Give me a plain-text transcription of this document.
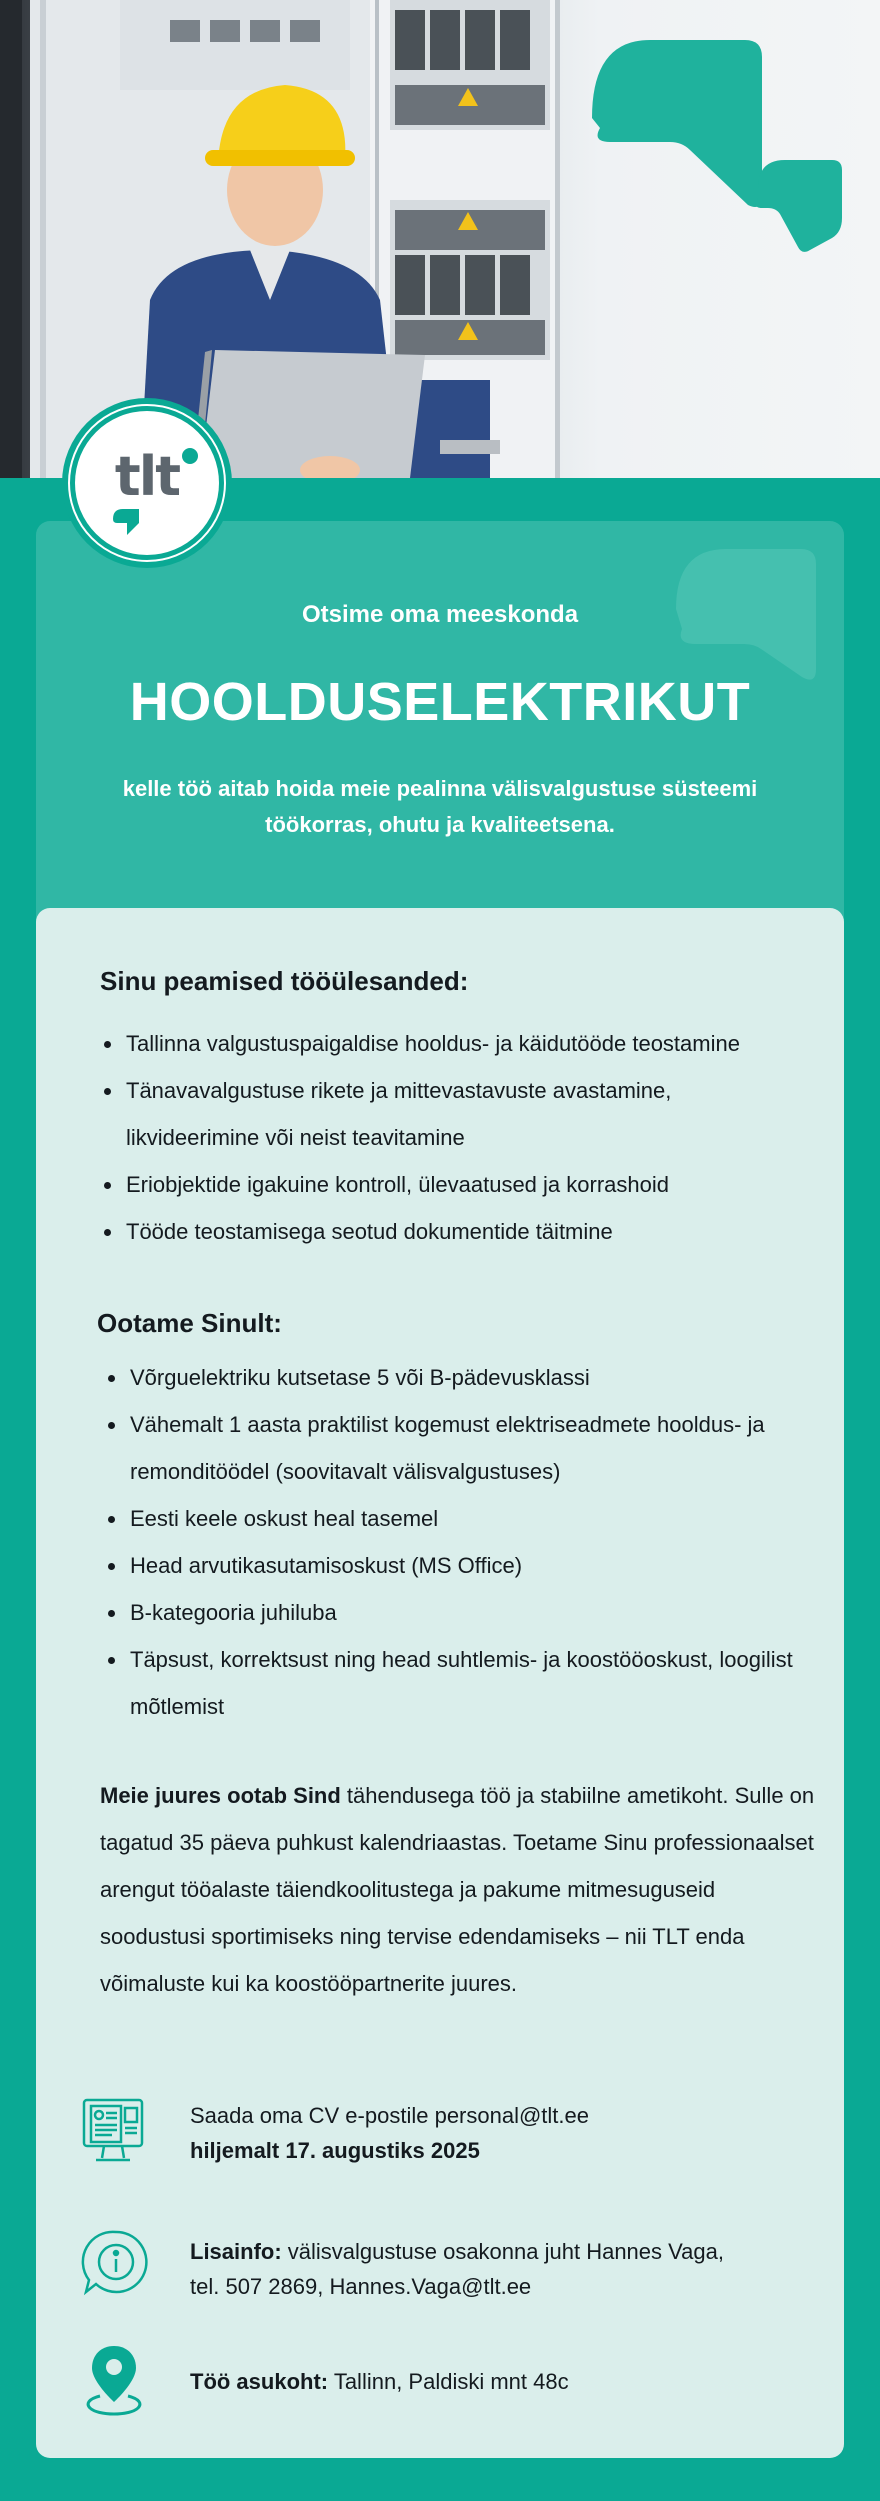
Otsime oma meeskonda
HOOLDUSELEKTRIKUT
kelle töö aitab hoida meie pealinna välisvalgustuse süsteemi
töökorras, ohutu ja kvaliteetsena.
tlt
Sinu peamised tööülesanded:
Tallinna valgustuspaigaldise hooldus- ja käidutööde teostamine
Tänavavalgustuse rikete ja mittevastavuste avastamine, likvideerimine või neist teavitamine
Eriobjektide igakuine kontroll, ülevaatused ja korrashoid
Tööde teostamisega seotud dokumentide täitmine
Ootame Sinult:
Võrguelektriku kutsetase 5 või B-pädevusklassi
Vähemalt 1 aasta praktilist kogemust elektriseadmete hooldus- ja remonditöödel (soovitavalt välisvalgustuses)
Eesti keele oskust heal tasemel
Head arvutikasutamisoskust (MS Office)
B-kategooria juhiluba
Täpsust, korrektsust ning head suhtlemis- ja koostööoskust, loogilist mõtlemist
Meie juures ootab Sind tähendusega töö ja stabiilne ametikoht. Sulle on tagatud 35 päeva puhkust kalendriaastas. Toetame Sinu professionaalset arengut tööalaste täiendkoolitustega ja pakume mitmesuguseid soodustusi sportimiseks ning tervise edendamiseks – nii TLT enda võimaluste kui ka koostööpartnerite juures.
Saada oma CV e-postile personal@tlt.ee
hiljemalt 17. augustiks 2025
Lisainfo: välisvalgustuse osakonna juht Hannes Vaga,
tel. 507 2869, Hannes.Vaga@tlt.ee
Töö asukoht: Tallinn, Paldiski mnt 48c
